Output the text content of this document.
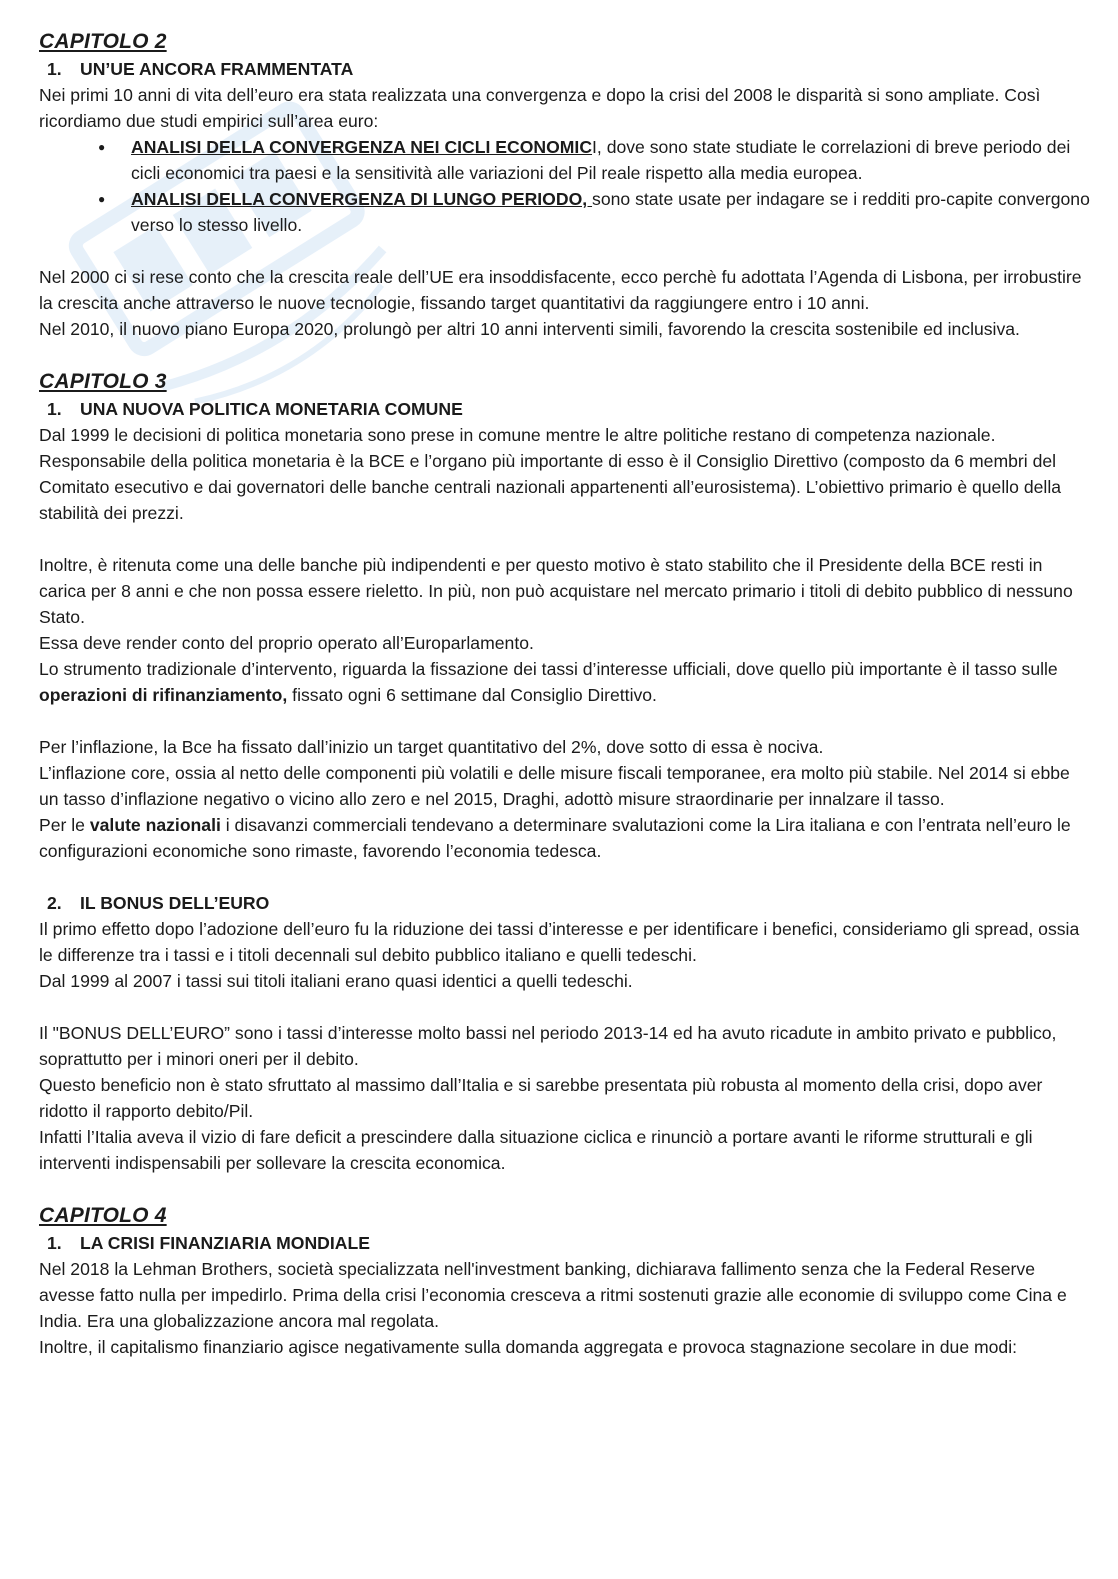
CAPITOLO 2
1.	UN’UE ANCORA FRAMMENTATA

Nei primi 10 anni di vita dell’euro era stata realizzata una convergenza e dopo la crisi del 2008 le disparità si sono ampliate. Così ricordiamo due studi empirici sull’area euro:

● ANALISI DELLA CONVERGENZA NEI CICLI ECONOMICI, dove sono state studiate le correlazioni di breve periodo dei cicli economici tra paesi e la sensitività alle variazioni del Pil reale rispetto alla media europea.
● ANALISI DELLA CONVERGENZA DI LUNGO PERIODO, sono state usate per indagare se i redditi pro-capite convergono verso lo stesso livello.

Nel 2000 ci si rese conto che la crescita reale dell’UE era insoddisfacente, ecco perchè fu adottata l’Agenda di Lisbona, per irrobustire la crescita anche attraverso le nuove tecnologie, fissando target quantitativi da raggiungere entro i 10 anni.

Nel 2010, il nuovo piano Europa 2020, prolungò per altri 10 anni interventi simili, favorendo la crescita sostenibile ed inclusiva.

CAPITOLO 3
1.	UNA NUOVA POLITICA MONETARIA COMUNE

Dal 1999 le decisioni di politica monetaria sono prese in comune mentre le altre politiche restano di competenza nazionale. Responsabile della politica monetaria è la BCE e l’organo più importante di esso è il Consiglio Direttivo (composto da 6 membri del Comitato esecutivo e dai governatori delle banche centrali nazionali appartenenti all’eurosistema). L’obiettivo primario è quello della stabilità dei prezzi.

Inoltre, è ritenuta come una delle banche più indipendenti e per questo motivo è stato stabilito che il Presidente della BCE resti in carica per 8 anni e che non possa essere rieletto. In più, non può acquistare nel mercato primario i titoli di debito pubblico di nessuno Stato.

Essa deve render conto del proprio operato all’Europarlamento.

Lo strumento tradizionale d’intervento, riguarda la fissazione dei tassi d’interesse ufficiali, dove quello più importante è il tasso sulle operazioni di rifinanziamento, fissato ogni 6 settimane dal Consiglio Direttivo.

Per l’inflazione, la Bce ha fissato dall’inizio un target quantitativo del 2%, dove sotto di essa è nociva.

L’inflazione core, ossia al netto delle componenti più volatili e delle misure fiscali temporanee, era molto più stabile. Nel 2014 si ebbe un tasso d’inflazione negativo o vicino allo zero e nel 2015, Draghi, adottò misure straordinarie per innalzare il tasso.

Per le valute nazionali i disavanzi commerciali tendevano a determinare svalutazioni come la Lira italiana e con l’entrata nell’euro le configurazioni economiche sono rimaste, favorendo l’economia tedesca.

2.	IL BONUS DELL’EURO

Il primo effetto dopo l’adozione dell’euro fu la riduzione dei tassi d’interesse e per identificare i benefici, consideriamo gli spread, ossia le differenze tra i tassi e i titoli decennali sul debito pubblico italiano e quelli tedeschi.

Dal 1999 al 2007 i tassi sui titoli italiani erano quasi identici a quelli tedeschi.

Il "BONUS DELL’EURO” sono i tassi d’interesse molto bassi nel periodo 2013-14 ed ha avuto ricadute in ambito privato e pubblico, soprattutto per i minori oneri per il debito.

Questo beneficio non è stato sfruttato al massimo dall’Italia e si sarebbe presentata più robusta al momento della crisi, dopo aver ridotto il rapporto debito/Pil.

Infatti l’Italia aveva il vizio di fare deficit a prescindere dalla situazione ciclica e rinunciò a portare avanti le riforme strutturali e gli interventi indispensabili per sollevare la crescita economica.

CAPITOLO 4
1.	LA CRISI FINANZIARIA MONDIALE

Nel 2018 la Lehman Brothers, società specializzata nell'investment banking, dichiarava fallimento senza che la Federal Reserve avesse fatto nulla per impedirlo. Prima della crisi l’economia cresceva a ritmi sostenuti grazie alle economie di sviluppo come Cina e India. Era una globalizzazione ancora mal regolata.

Inoltre, il capitalismo finanziario agisce negativamente sulla domanda aggregata e provoca stagnazione secolare in due modi:
